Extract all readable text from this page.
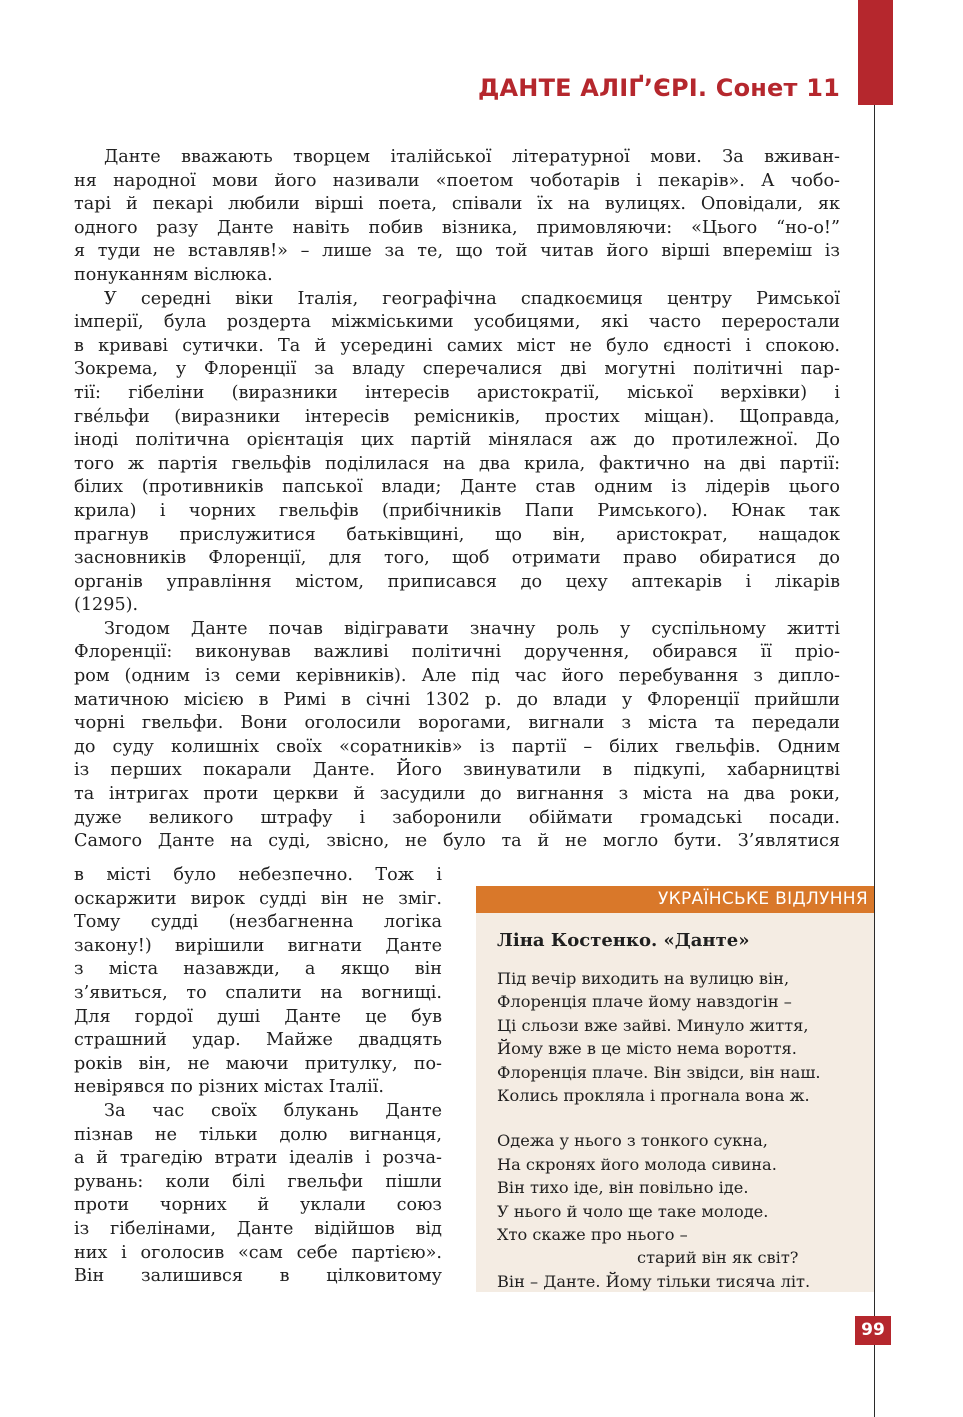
ДАНТЕ АЛІҐ’ЄРІ. Сонет 11
Данте вважають творцем італійської літературної мови. За вживан-
ня народної мови його називали «поетом чоботарів і пекарів». А чобо-
тарі й пекарі любили вірші поета, співали їх на вулицях. Оповідали, як
одного разу Данте навіть побив візника, примовляючи: «Цього “но-о!”
я туди не вставляв!» – лише за те, що той читав його вірші впереміш із
понуканням віслюка.
У середні віки Італія, географічна спадкоємиця центру Римської
імперії, була роздерта міжміськими усобицями, які часто переростали
в криваві сутички. Та й усередині самих міст не було єдності і спокою.
Зокрема, у Флоренції за владу сперечалися дві могутні політичні пар-
тії: гібеліни (виразники інтересів аристократії, міської верхівки) і
гвéльфи (виразники інтересів ремісників, простих міщан). Щоправда,
іноді політична орієнтація цих партій мінялася аж до протилежної. До
того ж партія гвельфів поділилася на два крила, фактично на дві партії:
білих (противників папської влади; Данте став одним із лідерів цього
крила) і чорних гвельфів (прибічників Папи Римського). Юнак так
прагнув прислужитися батьківщині, що він, аристократ, нащадок
засновників Флоренції, для того, щоб отримати право обиратися до
органів управління містом, приписався до цеху аптекарів і лікарів
(1295).
Згодом Данте почав відігравати значну роль у суспільному житті
Флоренції: виконував важливі політичні доручення, обирався її пріо-
ром (одним із семи керівників). Але під час його перебування з дипло-
матичною місією в Римі в січні 1302 р. до влади у Флоренції прийшли
чорні гвельфи. Вони оголосили ворогами, вигнали з міста та передали
до суду колишніх своїх «соратників» із партії – білих гвельфів. Одним
із перших покарали Данте. Його звинуватили в підкупі, хабарництві
та інтригах проти церкви й засудили до вигнання з міста на два роки,
дуже великого штрафу і заборонили обіймати громадські посади.
Самого Данте на суді, звісно, не було та й не могло бути. З’являтися
в місті було небезпечно. Тож і
оскаржити вирок судді він не зміг.
Тому судді (незбагненна логіка
закону!) вирішили вигнати Данте
з міста назавжди, а якщо він
з’явиться, то спалити на вогнищі.
Для гордої душі Данте це був
страшний удар. Майже двадцять
років він, не маючи притулку, по-
невірявся по різних містах Італії.
За час своїх блукань Данте
пізнав не тільки долю вигнанця,
а й трагедію втрати ідеалів і розча-
рувань: коли білі гвельфи пішли
проти чорних й уклали союз
із гібелінами, Данте відійшов від
них і оголосив «сам себе партією».
Він залишився в цілковитому
УКРАЇНСЬКЕ ВІДЛУННЯ
Ліна Костенко. «Данте»
Під вечір виходить на вулицю він,
Флоренція плаче йому навздогін –
Ці сльози вже зайві. Минуло життя,
Йому вже в це місто нема вороття.
Флоренція плаче. Він звідси, він наш.
Колись прокляла і прогнала вона ж.
Одежа у нього з тонкого сукна,
На скронях його молода сивина.
Він тихо іде, він повільно іде.
У нього й чоло ще таке молоде.
Хто скаже про нього –
старий він як світ?
Він – Данте. Йому тільки тисяча літ.
99
